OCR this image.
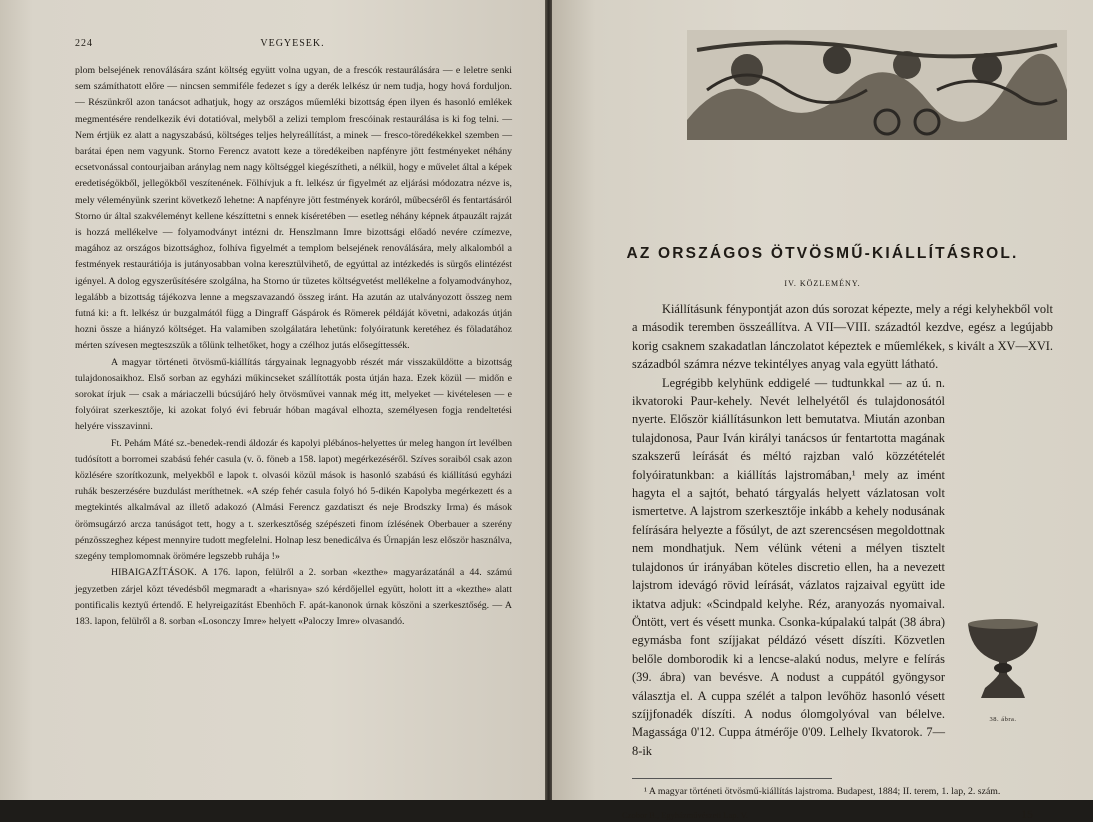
224	VEGYESEK.

plom belsejének renoválására szánt költség együtt volna ugyan, de a frescók restaurálására — e leletre senki sem számíthatott előre — nincsen semmiféle fedezet s így a derék lelkész úr nem tudja, hogy hová forduljon. — Részünkről azon tanácsot adhatjuk, hogy az országos műemléki bizottság épen ilyen és hasonló emlékek megmentésére rendelkezik évi dotatióval, melyből a zelizi templom frescóinak restaurálása is ki fog telni. — Nem értjük ez alatt a nagyszabású, költséges teljes helyreállítást, a minek — fresco-töredékekkel szemben — barátai épen nem vagyunk. Storno Ferencz avatott keze a töredékeiben napfényre jött festményeket néhány ecsetvonással contourjaiban aránylag nem nagy költséggel kiegészítheti, a nélkül, hogy e művelet által a képek eredetiségökből, jellegökből veszítenének. Fölhívjuk a ft. lelkész úr figyelmét az eljárási módozatra nézve is, mely véleményünk szerint következő lehetne: A napfényre jött festmények koráról, műbecséről és fentartásáról Storno úr által szakvéleményt kellene készíttetni s ennek kíséretében — esetleg néhány képnek átpauzált rajzát is hozzá mellékelve — folyamodványt intézni dr. Henszlmann Imre bizottsági előadó nevére czímezve, magához az országos bizottsághoz, folhíva figyelmét a templom belsejének renoválására, mely alkalomból a festmények restaurátiója is jutányosabban volna keresztülvihető, de egyúttal az intézkedés is sürgős elintézést igényel. A dolog egyszerűsítésére szolgálna, ha Storno úr tüzetes költségvetést mellékelne a folyamodványhoz, legalább a bizottság tájékozva lenne a megszavazandó összeg iránt. Ha azután az utalványozott összeg nem futná ki: a ft. lelkész úr buzgalmától függ a Dingraff Gáspárok és Römerek példáját követni, adakozás útján hozni össze a hiányzó költséget. Ha valamiben szolgálatára lehetünk: folyóiratunk keretéhez és föladatához mérten szívesen megteszszük a tőlünk telhetőket, hogy a czélhoz jutás elősegíttessék.

A magyar történeti ötvösmű-kiállítás tárgyainak legnagyobb részét már visszaküldötte a bizottság tulajdonosaikhoz. Első sorban az egyházi műkincseket szállították posta útján haza. Ezek közül — midőn e sorokat írjuk — csak a máriaczelli búcsújáró hely ötvösművei vannak még itt, melyeket — kivételesen — e folyóirat szerkesztője, ki azokat folyó évi február hóban magával elhozta, személyesen fogja rendeltetési helyére visszavinni.

Ft. Pehám Máté sz.-benedek-rendi áldozár és kapolyi plébános-helyettes úr meleg hangon írt levélben tudósított a borromei szabású fehér casula (v. ö. föneb a 158. lapot) megérkezéséről. Szíves soraiból csak azon közlésére szorítkozunk, melyekből e lapok t. olvasói közül mások is hasonló szabású és kiállítású egyházi ruhák beszerzésére buzdulást meríthetnek. «A szép fehér casula folyó hó 5-dikén Kapolyba megérkezett és a megtekintés alkalmával az illető adakozó (Almási Ferencz gazdatiszt és neje Brodszky Irma) és mások örömsugárzó arcza tanúságot tett, hogy a t. szerkesztőség szépészeti finom ízlésének Oberbauer a szerény pénzösszeghez képest mennyire tudott megfelelni. Holnap lesz benedicálva és Úrnapján lesz először használva, szegény templomomnak örömére legszebb ruhája !»

HIBAIGAZÍTÁSOK. A 176. lapon, felülről a 2. sorban «kezthe» magyarázatánál a 44. számú jegyzetben zárjel közt tévedésből megmaradt a «harisnya» szó kérdőjellel együtt, holott itt a «kezthe» alatt pontificalis keztyű értendő. E helyreigazítást Ebenhöch F. apát-kanonok úrnak köszöni a szerkesztőség. — A 183. lapon, felülről a 8. sorban «Losonczy Imre» helyett «Paloczy Imre» olvasandó.

AZ ORSZÁGOS ÖTVÖSMŰ-KIÁLLÍTÁSROL.
IV. KÖZLEMÉNY.

Kiállításunk fénypontját azon dús sorozat képezte, mely a régi kelyhekből volt a második teremben összeállítva. A VII—VIII. századtól kezdve, egész a legújabb korig csaknem szakadatlan lánczolatot képeztek e műemlékek, s kivált a XV—XVI. századból számra nézve tekintélyes anyag vala együtt látható.

38. ábra.

Legrégibb kelyhünk eddigelé — tudtunkkal — az ú. n. ikvatoroki Paur-kehely. Nevét lelhelyétől és tulajdonosától nyerte. Először kiállításunkon lett bemutatva. Miután azonban tulajdonosa, Paur Iván királyi tanácsos úr fentartotta magának szakszerű leírását és méltó rajzban való közzétételét folyóiratunkban: a kiállítás lajstromában,¹ mely az imént hagyta el a sajtót, beható tárgyalás helyett vázlatosan volt ismertetve. A lajstrom szerkesztője inkább a kehely nodusának felírására helyezte a fősúlyt, de azt szerencsésen megoldottnak nem mondhatjuk. Nem vélünk véteni a mélyen tisztelt tulajdonos úr irányában köteles discretio ellen, ha a nevezett lajstrom idevágó rövid leírását, vázlatos rajzaival együtt ide iktatva adjuk: «Scindpald kelyhe. Réz, aranyozás nyomaival. Öntött, vert és vésett munka. Csonka-kúpalakú talpát (38 ábra) egymásba font szíjjakat példázó vésett díszíti. Közvetlen belőle domborodik ki a lencse-alakú nodus, melyre e felírás (39. ábra) van bevésve. A nodust a cuppától gyöngysor választja el. A cuppa szélét a talpon levőhöz hasonló vésett szíjjfonadék díszíti. A nodus ólomgolyóval van bélelve. Magassága 0'12. Cuppa átmérője 0'09. Lelhely Ikvatorok. 7—8-ik

¹ A magyar történeti ötvösmű-kiállítás lajstroma. Budapest, 1884; II. terem, 1. lap, 2. szám.
Czobor B., Egyházművészeti Lap. V.	15
